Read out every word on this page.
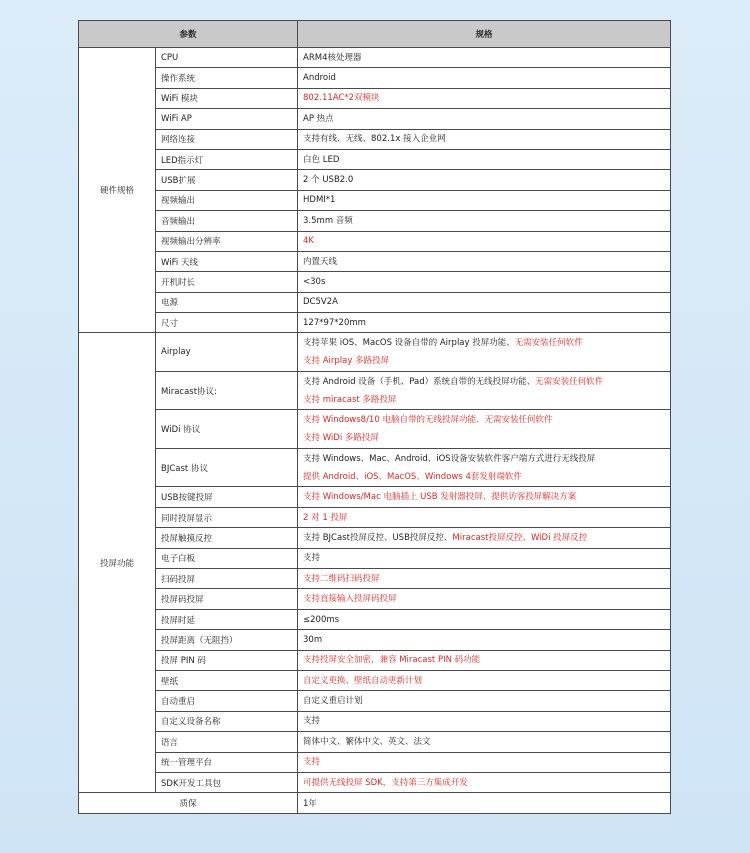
参数		规格
硬件规格	CPU	ARM4核处理器

	操作系统	Android

	WiFi 模块	802.11AC*2双模块

	WiFi AP	AP 热点

	网络连接	支持有线、无线、802.1x 接入企业网

	LED指示灯	白色 LED

	USB扩展	2 个 USB2.0

	视频输出	HDMI*1

	音频输出	3.5mm 音频

	视频输出分辨率	4K

	WiFi 天线	内置天线

	开机时长	<30s

	电源	DC5V2A

	尺寸	127*97*20mm

投屏功能	Airplay	支持苹果 iOS、MacOS 设备自带的 Airplay 投屏功能、无需安装任何软件
支持 Airplay 多路投屏

	Miracast协议:	支持 Android 设备（手机、Pad）系统自带的无线投屏功能、无需安装任何软件
支持 miracast 多路投屏

	WiDi 协议	支持 Windows8/10 电脑自带的无线投屏功能、无需安装任何软件
支持 WiDi 多路投屏

	BJCast 协议	支持 Windows、Mac、Android、iOS设备安装软件客户端方式进行无线投屏
提供 Android、iOS、MacOS、Windows 4套发射端软件

	USB按键投屏	支持 Windows/Mac 电脑插上 USB 发射器投屏、提供访客投屏解决方案

	同时投屏显示	2 对 1 投屏

	投屏触摸反控	支持 BJCast投屏反控、USB投屏反控、Miracast投屏反控、WiDi 投屏反控

	电子白板	支持

	扫码投屏	支持二维码扫码投屏

	投屏码投屏	支持直接输入投屏码投屏

	投屏时延	≤200ms

	投屏距离（无阻挡）	30m

	投屏 PIN 码	支持投屏安全加密，兼容 Miracast PIN 码功能

	壁纸	自定义更换、壁纸自动更新计划

	自动重启	自定义重启计划

	自定义设备名称	支持

	语言	简体中文、繁体中文、英文、法文

	统一管理平台	支持

	SDK开发工具包	可提供无线投屏 SDK，支持第三方集成开发

质保		1年
